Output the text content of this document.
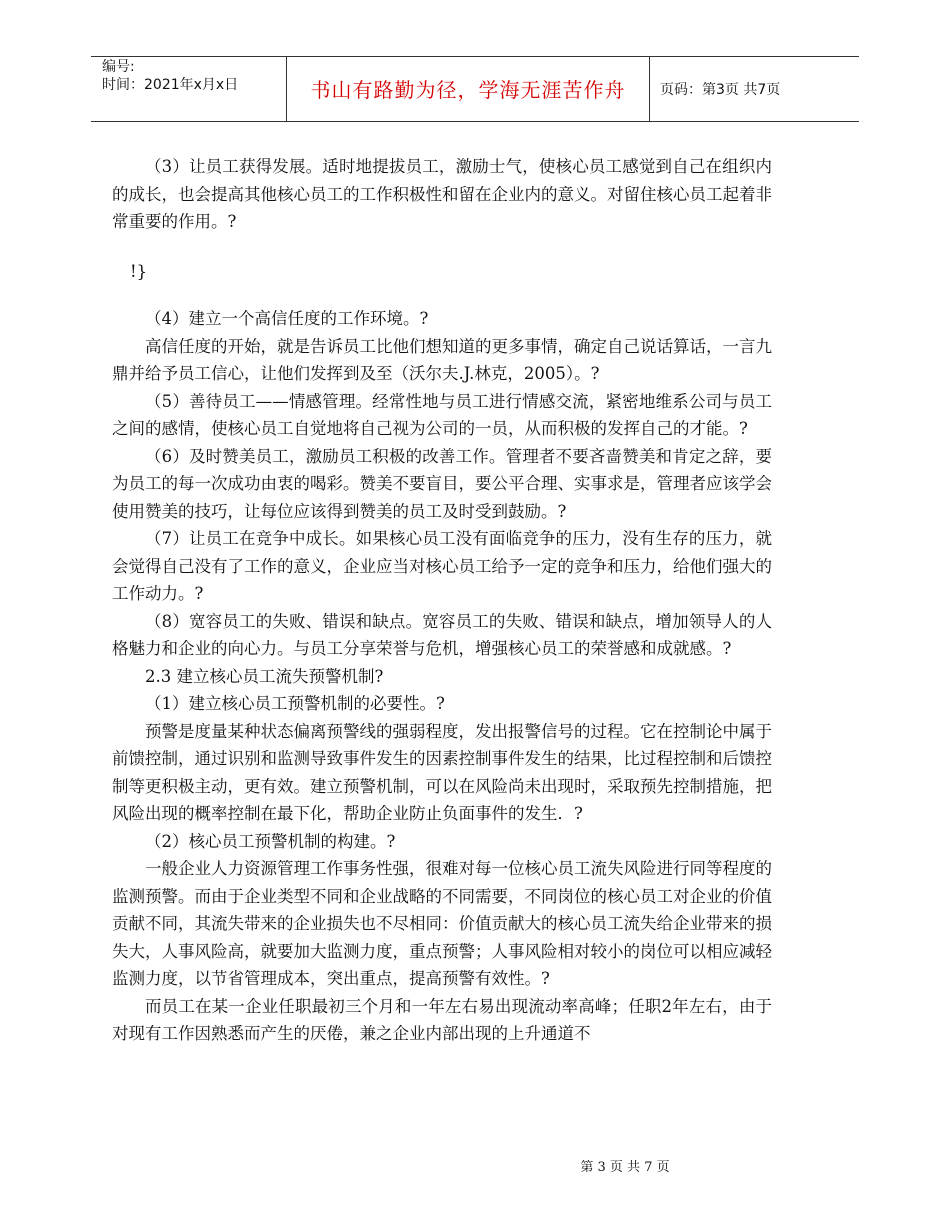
编号:
时间：2021年x月x日	书山有路勤为径，学海无涯苦作舟	页码：第3页 共7页

（3）让员工获得发展。适时地提拔员工，激励士气，使核心员工感觉到自己在组织内的成长，也会提高其他核心员工的工作积极性和留在企业内的意义。对留住核心员工起着非常重要的作用。?

!}

（4）建立一个高信任度的工作环境。?

高信任度的开始，就是告诉员工比他们想知道的更多事情，确定自己说话算话，一言九鼎并给予员工信心，让他们发挥到及至（沃尔夫.J.林克，2005）。?

（5）善待员工——情感管理。经常性地与员工进行情感交流，紧密地维系公司与员工之间的感情，使核心员工自觉地将自己视为公司的一员，从而积极的发挥自己的才能。?

（6）及时赞美员工，激励员工积极的改善工作。管理者不要吝啬赞美和肯定之辞，要为员工的每一次成功由衷的喝彩。赞美不要盲目，要公平合理、实事求是，管理者应该学会使用赞美的技巧，让每位应该得到赞美的员工及时受到鼓励。?

（7）让员工在竞争中成长。如果核心员工没有面临竞争的压力，没有生存的压力，就会觉得自己没有了工作的意义，企业应当对核心员工给予一定的竞争和压力，给他们强大的工作动力。?

（8）宽容员工的失败、错误和缺点。宽容员工的失败、错误和缺点，增加领导人的人格魅力和企业的向心力。与员工分享荣誉与危机，增强核心员工的荣誉感和成就感。?

2.3 建立核心员工流失预警机制?

（1）建立核心员工预警机制的必要性。?

预警是度量某种状态偏离预警线的强弱程度，发出报警信号的过程。它在控制论中属于前馈控制，通过识别和监测导致事件发生的因素控制事件发生的结果，比过程控制和后馈控制等更积极主动，更有效。建立预警机制，可以在风险尚未出现时，采取预先控制措施，把风险出现的概率控制在最下化，帮助企业防止负面事件的发生．?

（2）核心员工预警机制的构建。?

一般企业人力资源管理工作事务性强，很难对每一位核心员工流失风险进行同等程度的监测预警。而由于企业类型不同和企业战略的不同需要，不同岗位的核心员工对企业的价值贡献不同，其流失带来的企业损失也不尽相同：价值贡献大的核心员工流失给企业带来的损失大，人事风险高，就要加大监测力度，重点预警；人事风险相对较小的岗位可以相应减轻监测力度，以节省管理成本，突出重点，提高预警有效性。?

而员工在某一企业任职最初三个月和一年左右易出现流动率高峰；任职2年左右，由于对现有工作因熟悉而产生的厌倦，兼之企业内部出现的上升通道不

第 3 页 共 7 页
